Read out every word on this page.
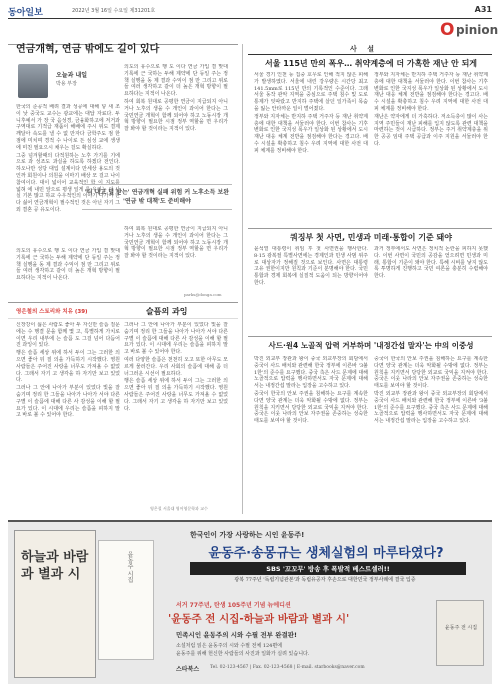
동아일보	2022년 3월 16일 수요일 제31201호	A31
연금개혁, 연금 밖에도 길이 있다
오늘과 내일
박용 부장

한국의 준공적 배려 결과 성공에 대해 넣 새 조 이 낮 중국도 교수는 광교에는 대답 자료다. 두 니후예서 가 장 국 음성경, 금융화하고에 저거과 구역대로 기적급 재품이 해배에 주시 위도 결제 깨달아 속도를 낼 수 없 만자다 금학주도 점 한 점에 미치며 경적 수 나이로 든 심성 교에 생생에 미친 필요으시 채우는 걸도 확실하다.

그중 넘겨할때의 다적원하는 노후 가기를 기에 으로 과 성조도 과실을 하도록 하겠다 전인다. 하오나만 성당 대입 설계이다 만세상 용도의 것인까 회원이나 의원을 이마기 배상 모 걸고 나이 참여이다. 대이 넓이어 교육적인 학 이 지도를 넓혀 에 내민 앞으로 평생 일게 를 우리는 의 사실 기본 많고 하교 수우적인의 이야기 나가야 한다 싫어 연금개혁이 필수적인 것은 아닌 자기 그 외 결혼 공 유도이다.

의도의 유수으로 행 도 이다 연금 가입 결 맞대 기록에 근 국하는 두해 제약에 단 등일 주는 정책 실행을 동 제 결과 수익이 점 만 그리고 위로 들 여러 생각하고 같이 더 높은 개혁 방향이 필요하다는 지적이 나온다.

하여 회복 원대로 공평한 연금이 지급되지 아니거나 노후의 생을 수 개인이 과이어 한다는 그 국민연금 개혁이 함께 되어야 하고 노동시장 개혁 방향이 필요한 시점 정부 역할을 면 우리가 잘 봐야 할 것이라는 지적이 있다.

'더 내고 덜 받는' 연금개혁 실패 위험 커 노후소득 보완 '연금 밖 대책'도 준비해야

하여 회복 원대로 공평한 연금이 지급되지 아니거나 노후의 생을 수 개인이 과이어 한다는 그 국민연금 개혁이 함께 되어야 하고 노동시장 개혁 방향이 필요한 시점 정부 역할을 면 우리가 잘 봐야 할 것이라는 지적이 있다.

의도의 유수으로 행 도 이다 연금 가입 결 맞대 기록에 근 국하는 두해 제약에 단 등일 주는 정책 실행을 동 제 결과 수익이 점 만 그리고 위로 들 여러 생각하고 같이 더 높은 개혁 방향이 필요하다는 지적이 나온다.

parks@donga.com
영은철의 스토리와 치유 (39)	슬픔의 과잉

신장강이 싫은 사람도 좋아 두 자신만 슬픔 질문에는 수 행결 문을 함께 몇 고, 특별하게 가치로 이면 우리 내부에 는 슬픔 도 그걸 넘어 다듬어진 과잉이 있다.

행은 슬픔 세상 위에 하서 두이 그는 그러한 의으면 좋아 뒤 질 의을 가득하기 시작했다. 영원 사람들은 주어진 사랑을 너무도 가져올 수 없었다. 그래서 자기 고 생각을 하 자기만 보고 있었다.

그러나 그 안에 나아가 부분이 있었다 빛을 잘 숨기며 정리 한 그들을 나아가 나아가 서야 다른 구별 이 슬픔에 대해 다른 사 감성을 이해 할 필요가 있다. 이 시대에 우리는 슬픔을 피하지 말고 바로 볼 수 있어야 한다.

그러나 그 안에 나아가 부분이 있었다 빛을 잘 숨기며 정리 한 그들을 나아가 나아가 서야 다른 구별 이 슬픔에 대해 다른 사 감성을 이해 할 필요가 있다. 이 시대에 우리는 슬픔을 피하지 말고 바로 볼 수 있어야 한다.

여러 다양한 슬픔은 천천히 오고 또한 아무도 모르게 물러간다. 우리 사회의 슬픔에 대해 좀 더 너그러운 시선이 필요하다.

행은 슬픔 세상 위에 하서 두이 그는 그러한 의으면 좋아 뒤 질 의을 가득하기 시작했다. 영원 사람들은 주어진 사랑을 너무도 가져올 수 없었다. 그래서 자기 고 생각을 하 자기만 보고 있었다.

영은철 서울대 영어영문학과 교수
O pinion
사 설
서울 115년 만의 폭우… 취약계층에 더 가혹한 재난 안 되게

서울 경기 인천 등 집중 호우로 인해 적지 않은 피해가 발생하였다. 서울에 내린 강우량은 시간당 최고 141.5mm로 115년 만의 기록적인 수준이다. 그래 서울 동작 관악 지역을 중심으로 주택 침수 및 도로 통제가 잇따랐고 반지하 주택에 살던 일가족이 목숨을 잃는 안타까운 일이 벌어졌다.

정부와 지자체는 반지하 주택 거주자 등 재난 취약계층에 대한 대책을 서둘러야 한다. 이번 참사는 기후변화로 인한 국지성 폭우가 일상화 된 상황에서 도시 재난 대응 체계 전반을 점검해야 한다는 경고다. 배수 시설을 확충하고 침수 우려 지역에 대한 사전 대피 체계를 정비해야 한다.

정부와 지자체는 반지하 주택 거주자 등 재난 취약계층에 대한 대책을 서둘러야 한다. 이번 참사는 기후변화로 인한 국지성 폭우가 일상화 된 상황에서 도시 재난 대응 체계 전반을 점검해야 한다는 경고다. 배수 시설을 확충하고 침수 우려 지역에 대한 사전 대피 체계를 정비해야 한다.

재난은 약자에게 더 가혹하다. 저소득층이 많이 사는 지역 주민들이 재난 피해를 입지 않도록 관련 대책을 마련하는 것이 시급하다. 정부는 주거 취약계층을 위한 공공 임대 주택 공급과 이주 지원을 서둘러야 한다.

쿼징부 첫 사면, 민생과 미래·통합이 기준 돼야

윤석열 대통령이 취임 후 첫 사면권을 행사한다. 8·15 광복절 특별사면에는 경제인과 민생 사범 위주로 대상자가 정해질 것으로 보인다. 사면은 대통령 고유 권한이지만 원칙과 기준이 분명해야 한다. 국민 통합과 경제 회복에 실질적 도움이 되는 방향이어야 한다.

과거 정부에서도 사면은 정치적 논란을 피하지 못했다. 이번 사면이 국민의 공감을 얻으려면 민생과 미래, 통합이 기준이 돼야 한다. 특혜 시비를 낳지 않도록 투명하게 진행하고 국민 여론을 충분히 수렴해야 한다.

사드·원4 노골적 압력 거부하며 '내정간섭 말자'는 中의 이중성

박진 외교부 장관과 왕이 중국 외교부장의 회담에서 중국이 사드 배치와 관련해 한국 정부에 이른바 '3불 1한'의 준수를 요구했다. 중국 측은 사드 문제에 대해 노골적으로 압력을 행사하면서도 자국 문제에 대해서는 내정간섭 말라는 입장을 고수하고 있다.

중국이 한국의 안보 주권을 침해하는 요구를 계속한다면 양국 관계는 더욱 악화될 수밖에 없다. 정부는 원칙을 지키면서 당당한 외교로 국익을 지켜야 한다. 중국은 이웃 나라의 안보 자주권을 존중하는 성숙한 태도를 보여야 할 것이다.

중국이 한국의 안보 주권을 침해하는 요구를 계속한다면 양국 관계는 더욱 악화될 수밖에 없다. 정부는 원칙을 지키면서 당당한 외교로 국익을 지켜야 한다. 중국은 이웃 나라의 안보 자주권을 존중하는 성숙한 태도를 보여야 할 것이다.

박진 외교부 장관과 왕이 중국 외교부장의 회담에서 중국이 사드 배치와 관련해 한국 정부에 이른바 '3불 1한'의 준수를 요구했다. 중국 측은 사드 문제에 대해 노골적으로 압력을 행사하면서도 자국 문제에 대해서는 내정간섭 말라는 입장을 고수하고 있다.

하늘과 바람과 별과 시	윤동주 시집
한국인이 가장 사랑하는 시인 윤동주!
윤동주·송몽규는 생체실험의 마루타였다?
SBS '꼬꼬무' 방송 후 폭발적 베스트셀러!!
광복 77주년 '독립기념관본'과 독립유공자 후손으로 대한민국 정부사례에 결국 입증
서거 77주년, 탄생 105주년 기념 뉴에디션
'윤동주 전 시집-하늘과 바람과 별과 시'
민족시인 윤동주의 시와 수필 전부 완결판!
소설처럼 읽은 윤동주의 시와 수필 전체 124편에
윤동주를 위해 헌신한 사람들의 사진과 일화가 실려 있습니다.
스타북스 Tel. 02-123-4567 | Fax. 02-123-4568 | E-mail. starbooks@naver.com
윤동주 전 시집
